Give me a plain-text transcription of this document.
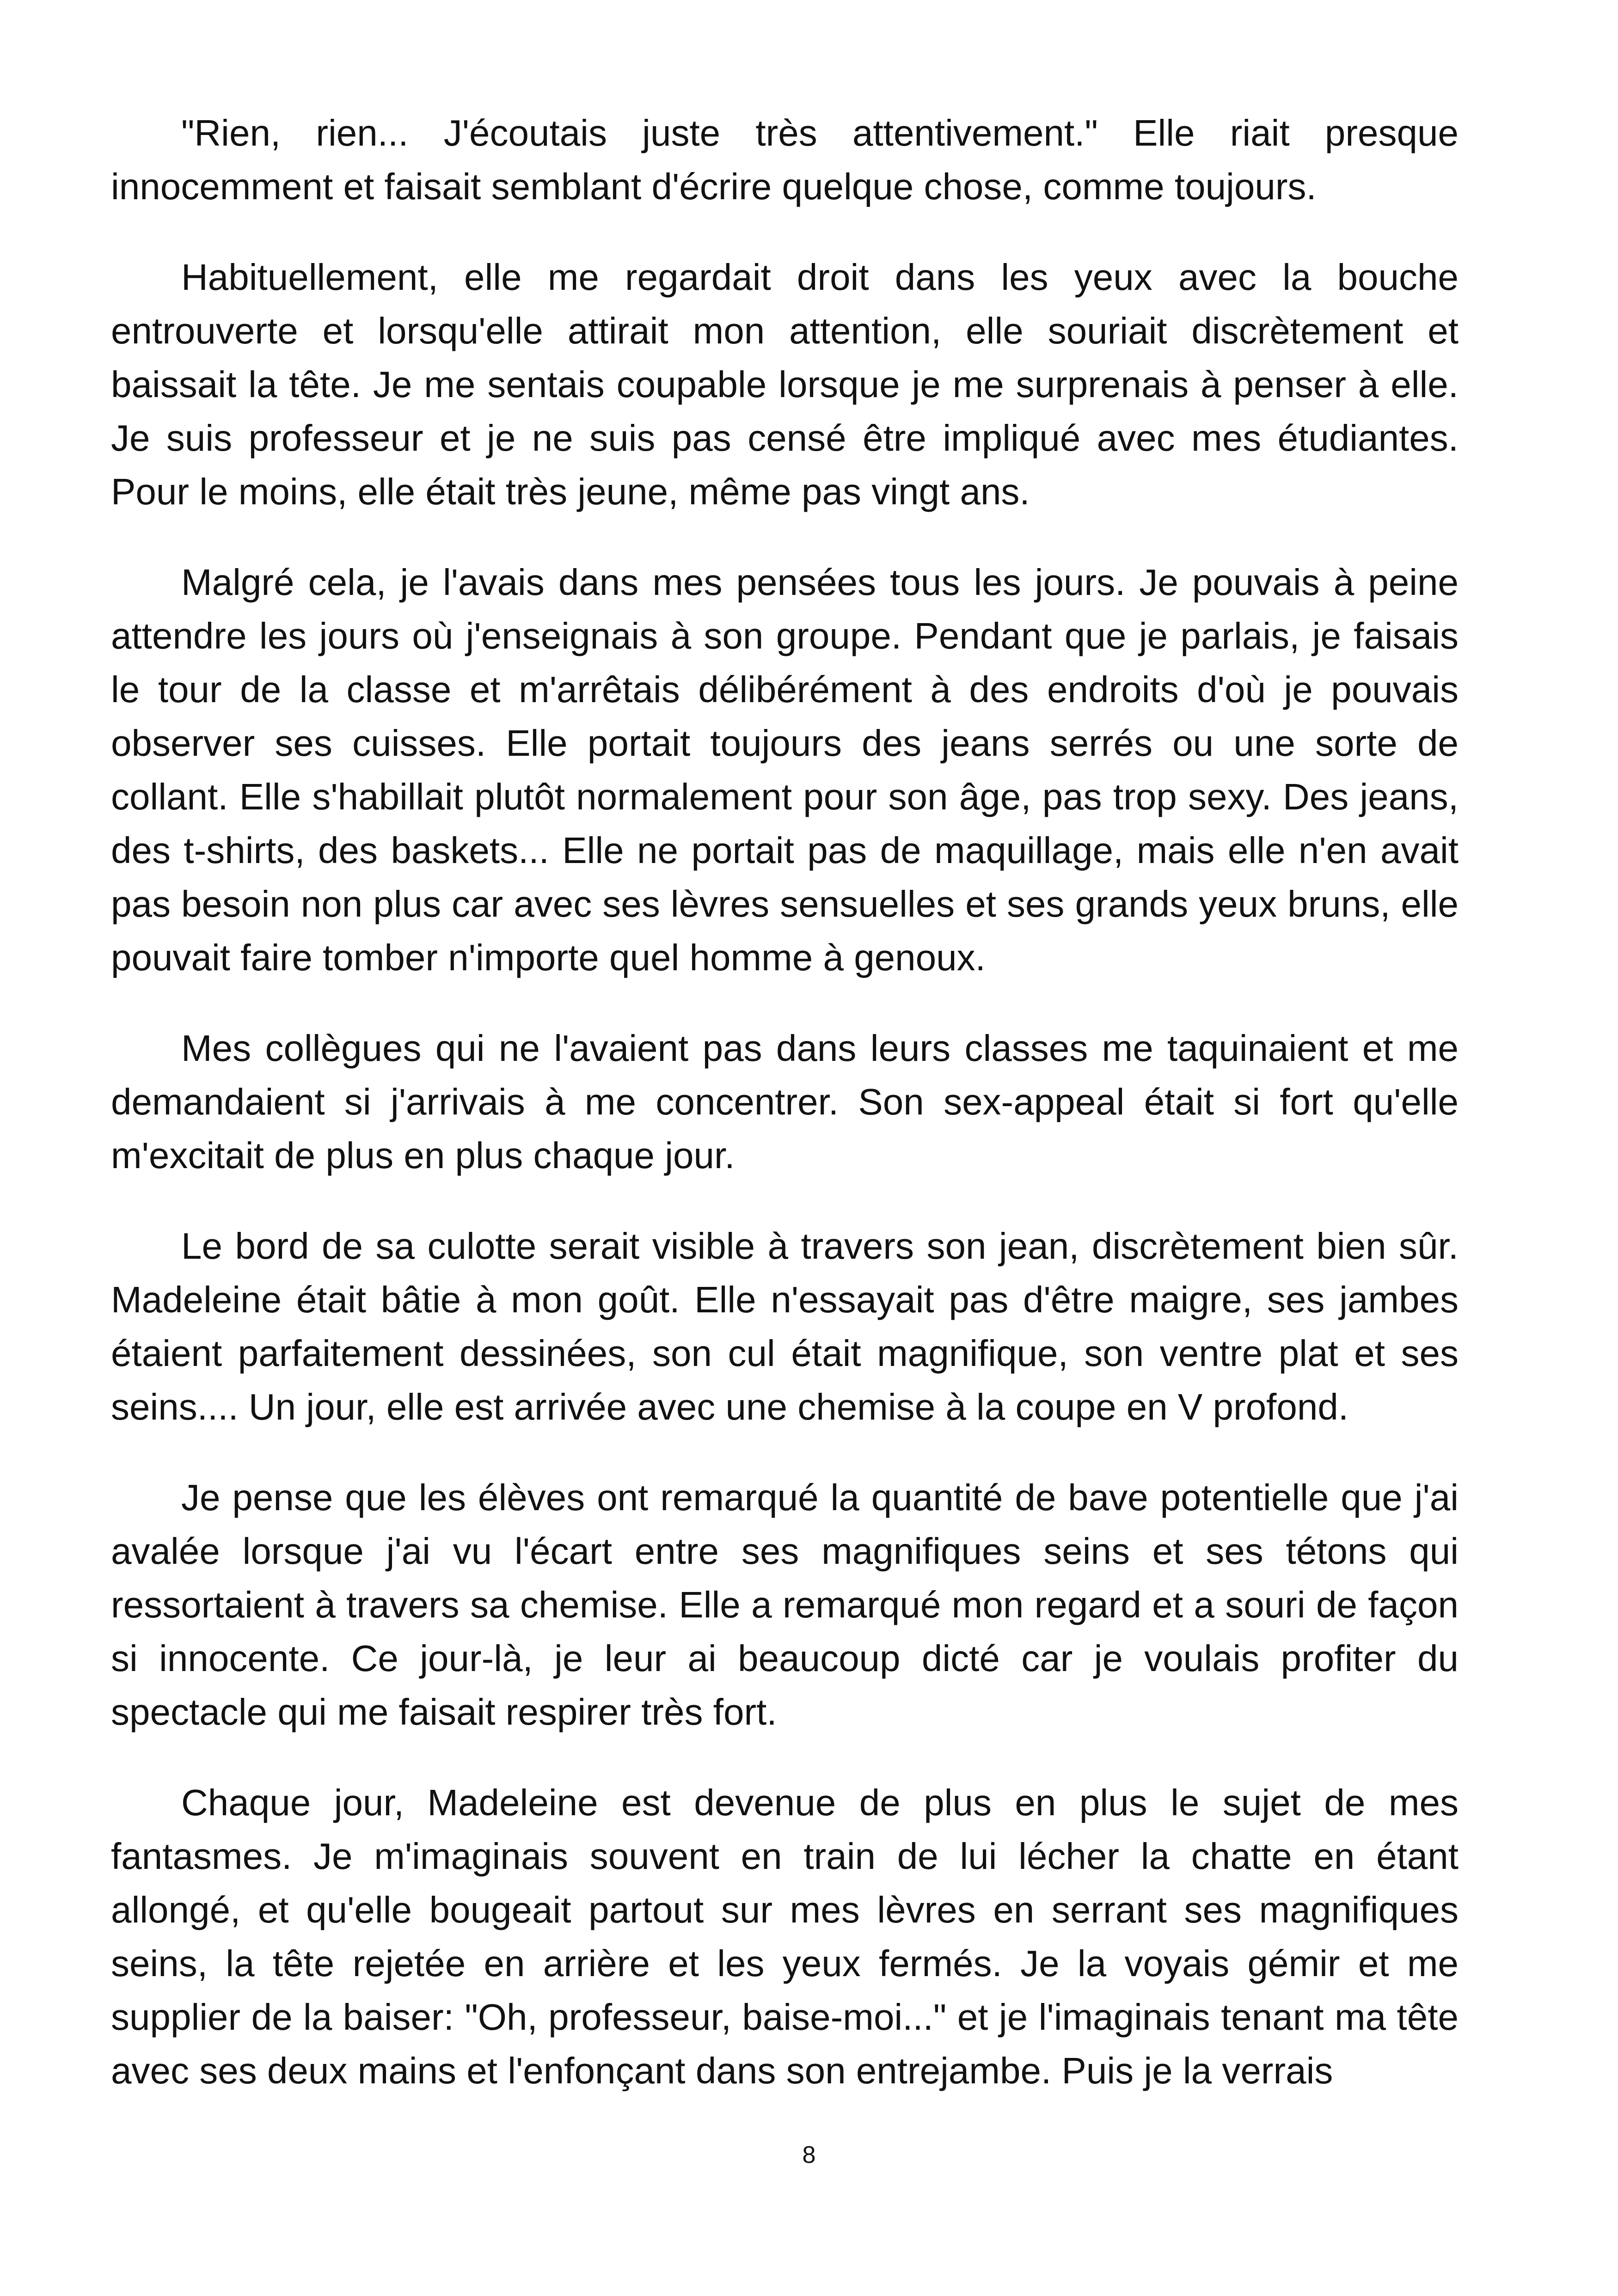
"Rien, rien... J'écoutais juste très attentivement." Elle riait presque innocemment et faisait semblant d'écrire quelque chose, comme toujours.

Habituellement, elle me regardait droit dans les yeux avec la bouche entrouverte et lorsqu'elle attirait mon attention, elle souriait discrètement et baissait la tête. Je me sentais coupable lorsque je me surprenais à penser à elle. Je suis professeur et je ne suis pas censé être impliqué avec mes étudiantes. Pour le moins, elle était très jeune, même pas vingt ans.

Malgré cela, je l'avais dans mes pensées tous les jours. Je pouvais à peine attendre les jours où j'enseignais à son groupe. Pendant que je parlais, je faisais le tour de la classe et m'arrêtais délibérément à des endroits d'où je pouvais observer ses cuisses. Elle portait toujours des jeans serrés ou une sorte de collant. Elle s'habillait plutôt normalement pour son âge, pas trop sexy. Des jeans, des t-shirts, des baskets... Elle ne portait pas de maquillage, mais elle n'en avait pas besoin non plus car avec ses lèvres sensuelles et ses grands yeux bruns, elle pouvait faire tomber n'importe quel homme à genoux.

Mes collègues qui ne l'avaient pas dans leurs classes me taquinaient et me demandaient si j'arrivais à me concentrer. Son sex-appeal était si fort qu'elle m'excitait de plus en plus chaque jour.

Le bord de sa culotte serait visible à travers son jean, discrètement bien sûr. Madeleine était bâtie à mon goût. Elle n'essayait pas d'être maigre, ses jambes étaient parfaitement dessinées, son cul était magnifique, son ventre plat et ses seins.... Un jour, elle est arrivée avec une chemise à la coupe en V profond.

Je pense que les élèves ont remarqué la quantité de bave potentielle que j'ai avalée lorsque j'ai vu l'écart entre ses magnifiques seins et ses tétons qui ressortaient à travers sa chemise. Elle a remarqué mon regard et a souri de façon si innocente. Ce jour-là, je leur ai beaucoup dicté car je voulais profiter du spectacle qui me faisait respirer très fort.

Chaque jour, Madeleine est devenue de plus en plus le sujet de mes fantasmes. Je m'imaginais souvent en train de lui lécher la chatte en étant allongé, et qu'elle bougeait partout sur mes lèvres en serrant ses magnifiques seins, la tête rejetée en arrière et les yeux fermés. Je la voyais gémir et me supplier de la baiser: "Oh, professeur, baise-moi..." et je l'imaginais tenant ma tête avec ses deux mains et l'enfonçant dans son entrejambe. Puis je la verrais

8
